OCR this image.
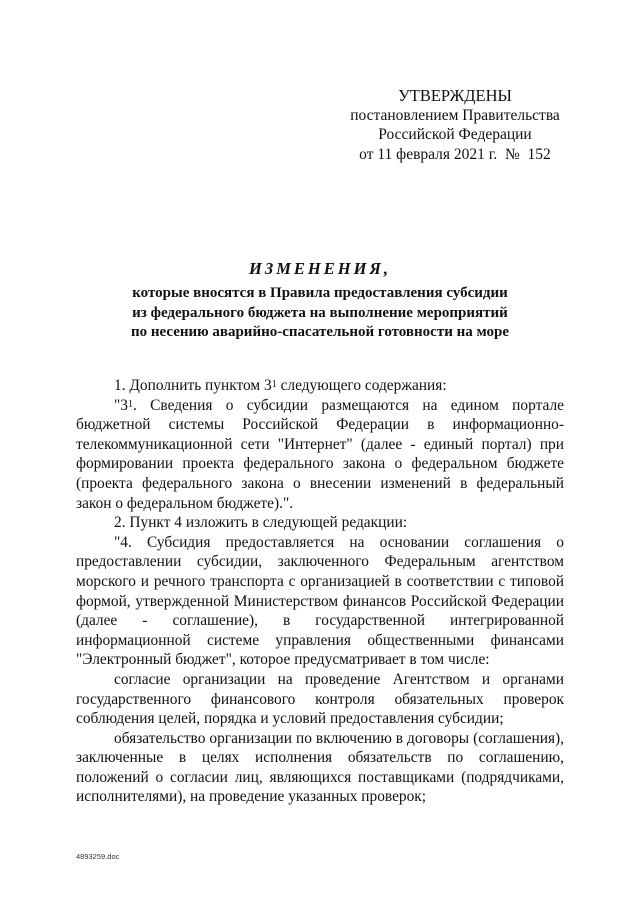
УТВЕРЖДЕНЫ
постановлением Правительства
Российской Федерации
от 11 февраля 2021 г.  №  152
ИЗМЕНЕНИЯ,
которые вносятся в Правила предоставления субсидии
из федерального бюджета на выполнение мероприятий
по несению аварийно-спасательной готовности на море

1. Дополнить пунктом $3^1$ следующего содержания:

"$3^1$. Сведения о субсидии размещаются на едином портале бюджетной системы Российской Федерации в информационно-телекоммуникационной сети "Интернет" (далее - единый портал) при формировании проекта федерального закона о федеральном бюджете (проекта федерального закона о внесении изменений в федеральный закон о федеральном бюджете).".

2. Пункт 4 изложить в следующей редакции:

"4. Субсидия предоставляется на основании соглашения о предоставлении субсидии, заключенного Федеральным агентством морского и речного транспорта с организацией в соответствии с типовой формой, утвержденной Министерством финансов Российской Федерации (далее - соглашение), в государственной интегрированной информационной системе управления общественными финансами "Электронный бюджет", которое предусматривает в том числе:

согласие организации на проведение Агентством и органами государственного финансового контроля обязательных проверок соблюдения целей, порядка и условий предоставления субсидии;

обязательство организации по включению в договоры (соглашения), заключенные в целях исполнения обязательств по соглашению, положений о согласии лиц, являющихся поставщиками (подрядчиками, исполнителями), на проведение указанных проверок;

4893259.doc
